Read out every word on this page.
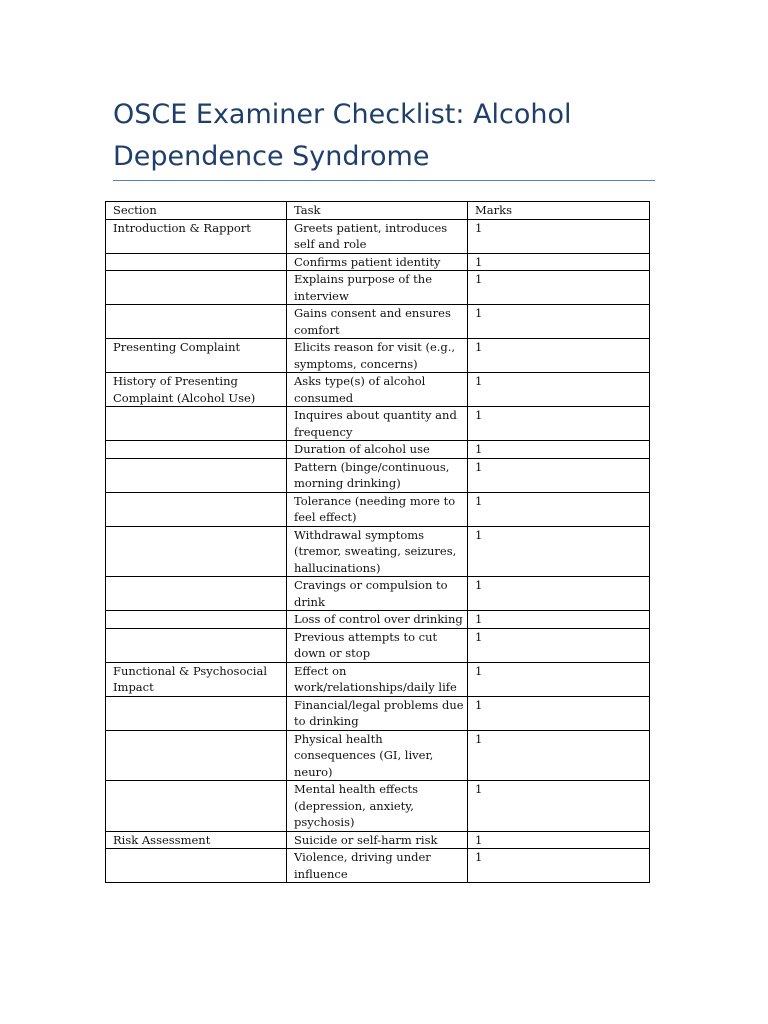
OSCE Examiner Checklist: Alcohol Dependence Syndrome
Section	Task	Marks
Introduction & Rapport	Greets patient, introduces self and role	1
	Confirms patient identity	1
	Explains purpose of the interview	1
	Gains consent and ensures comfort	1
Presenting Complaint	Elicits reason for visit (e.g., symptoms, concerns)	1
History of Presenting Complaint (Alcohol Use)	Asks type(s) of alcohol consumed	1
	Inquires about quantity and frequency	1
	Duration of alcohol use	1
	Pattern (binge/continuous, morning drinking)	1
	Tolerance (needing more to feel effect)	1
	Withdrawal symptoms (tremor, sweating, seizures, hallucinations)	1
	Cravings or compulsion to drink	1
	Loss of control over drinking	1
	Previous attempts to cut down or stop	1
Functional & Psychosocial Impact	Effect on work/relationships/daily life	1
	Financial/legal problems due to drinking	1
	Physical health consequences (GI, liver, neuro)	1
	Mental health effects (depression, anxiety, psychosis)	1
Risk Assessment	Suicide or self-harm risk	1
	Violence, driving under influence	1
